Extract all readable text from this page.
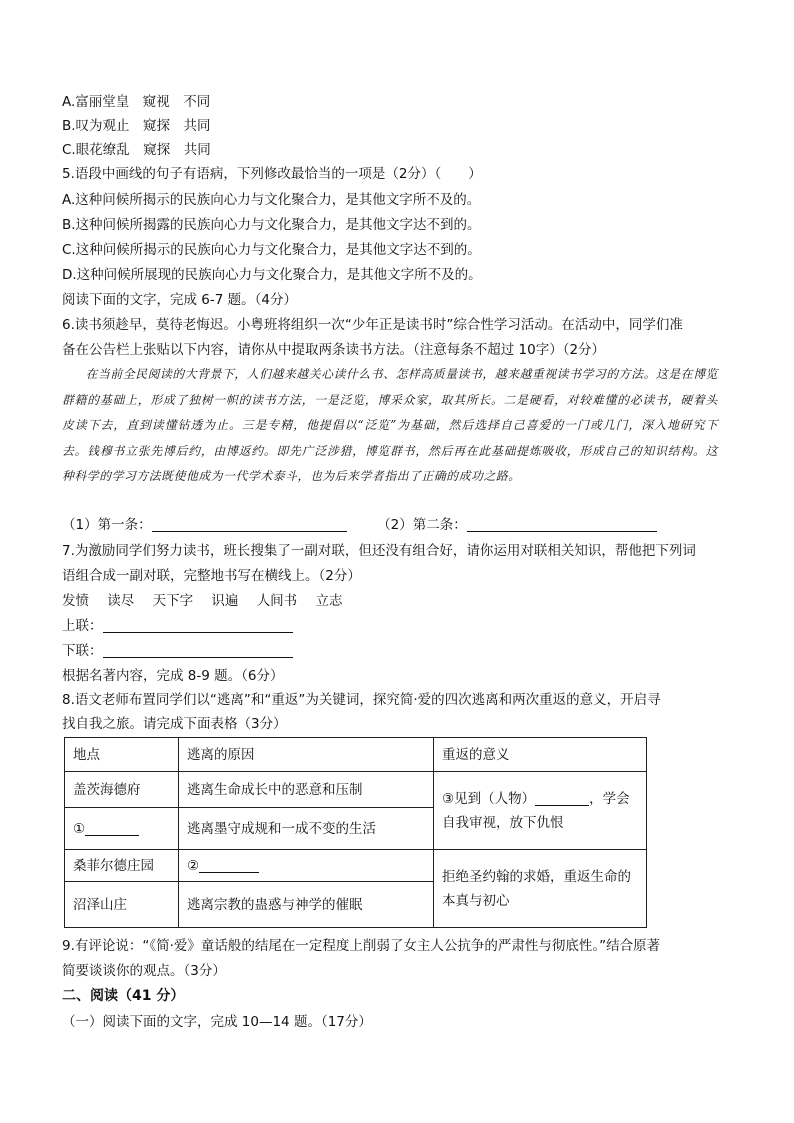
A.富丽堂皇　窥视　不同
B.叹为观止　窥探　共同
C.眼花缭乱　窥探　共同
5.语段中画线的句子有语病，下列修改最恰当的一项是（2分）（　　）
A.这种问候所揭示的民族向心力与文化聚合力，是其他文字所不及的。
B.这种问候所揭露的民族向心力与文化聚合力，是其他文字达不到的。
C.这种问候所揭示的民族向心力与文化聚合力，是其他文字达不到的。
D.这种问候所展现的民族向心力与文化聚合力，是其他文字所不及的。
阅读下面的文字，完成 6-7 题。（4分）
6.读书须趁早，莫待老悔迟。小粤班将组织一次“少年正是读书时”综合性学习活动。在活动中，同学们准
备在公告栏上张贴以下内容，请你从中提取两条读书方法。（注意每条不超过 10字）（2分）

在当前全民阅读的大背景下，人们越来越关心读什么书、怎样高质量读书，越来越重视读书学习的方法。这是在博览群籍的基础上，形成了独树一帜的读书方法，一是泛览，博采众家，取其所长。二是硬看，对较难懂的必读书，硬着头皮读下去，直到读懂钻透为止。三是专精，他提倡以“泛览”为基础，然后选择自己喜爱的一门或几门，深入地研究下去。钱穆书立张先博后约，由博返约。即先广泛涉猎，博览群书，然后再在此基础提炼吸收，形成自己的知识结构。这种科学的学习方法既使他成为一代学术泰斗，也为后来学者指出了正确的成功之路。

（1）第一条：	（2）第二条：
7.为激励同学们努力读书，班长搜集了一副对联，但还没有组合好，请你运用对联相关知识，帮他把下列词
语组合成一副对联，完整地书写在横线上。（2分）
发愤 读尽 天下字 识遍 人间书 立志
上联：
下联：
根据名著内容，完成 8-9 题。（6分）
8.语文老师布置同学们以“逃离”和“重返”为关键词，探究简·爱的四次逃离和两次重返的意义，开启寻
找自我之旅。请完成下面表格（3分）
地点	逃离的原因	重返的意义
盖茨海德府	逃离生命成长中的恶意和压制	③见到（人物） ，学会
自我审视，放下仇恨

①	逃离墨守成规和一成不变的生活	
桑菲尔德庄园	②	拒绝圣约翰的求婚，重返生命的
本真与初心

沼泽山庄	逃离宗教的蛊惑与神学的催眠	
9.有评论说：“《简·爱》童话般的结尾在一定程度上削弱了女主人公抗争的严肃性与彻底性。”结合原著
简要谈谈你的观点。（3分）
二、阅读（41 分）
（一）阅读下面的文字，完成 10—14 题。（17分）
